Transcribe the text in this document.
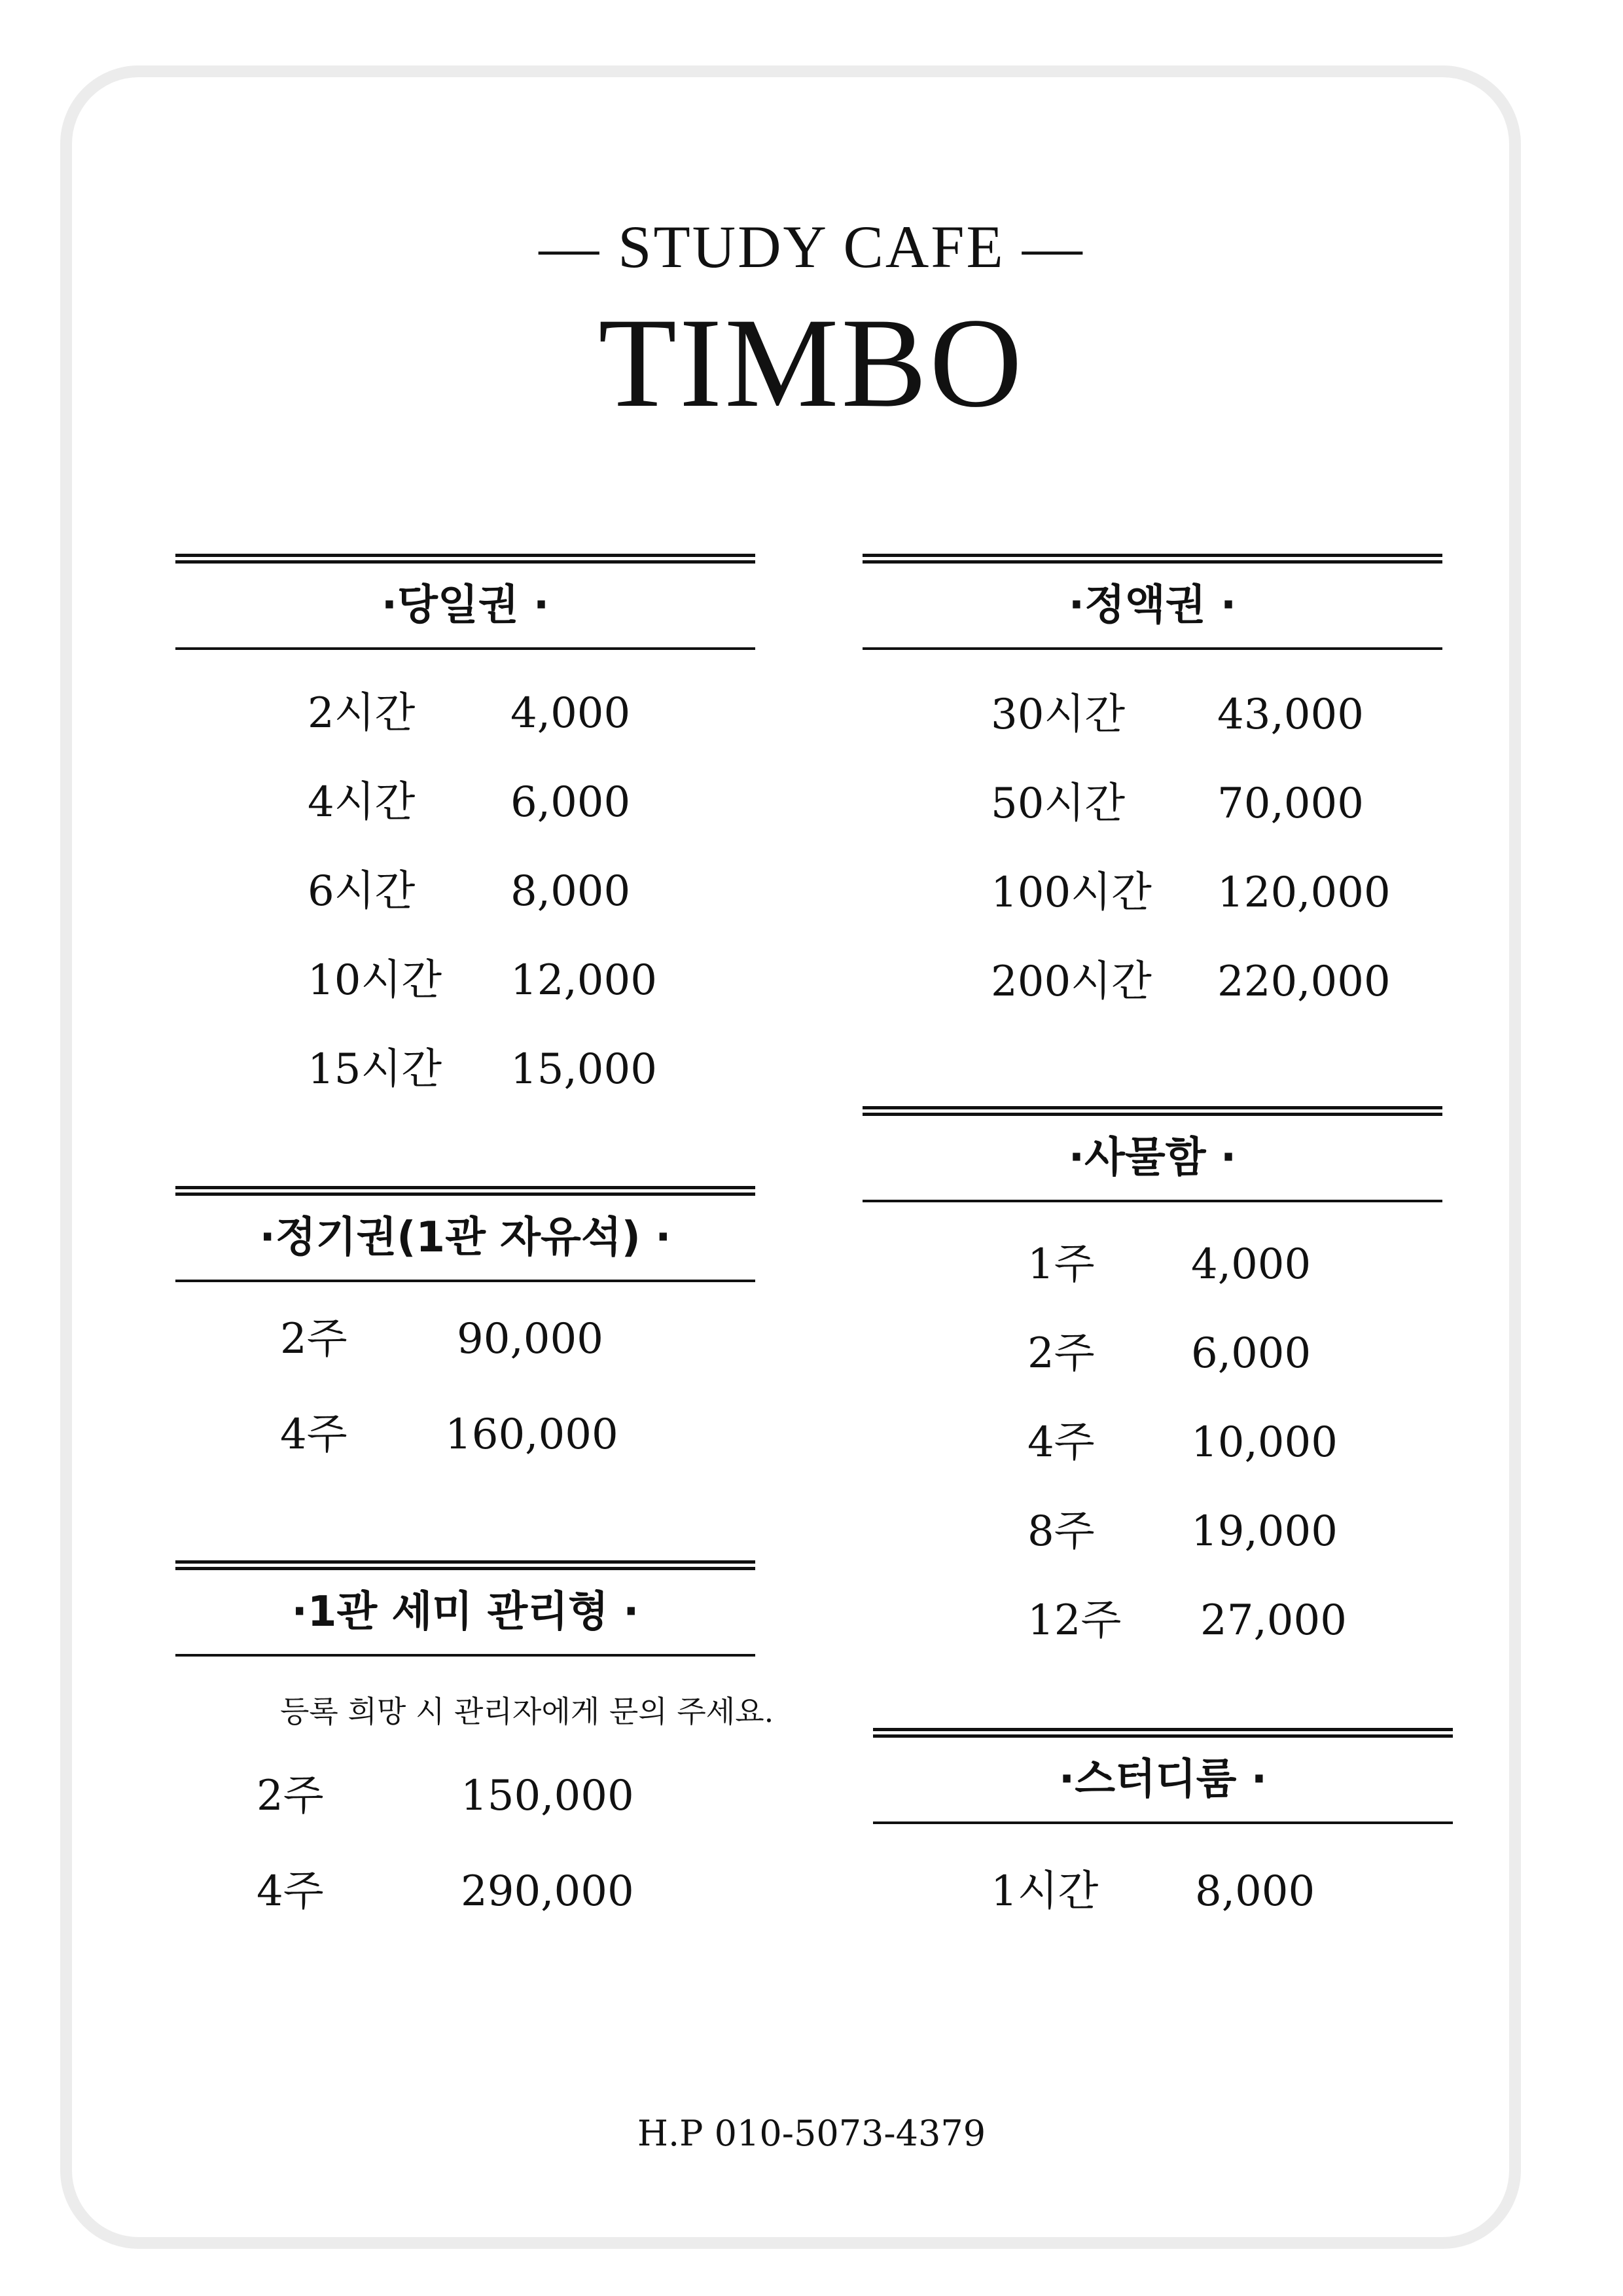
— STUDY CAFE —
TIMBO
·당일권 ·
2시간 4,000
4시간 6,000
6시간 8,000
10시간 12,000
15시간 15,000
·정액권 ·
30시간 43,000
50시간 70,000
100시간 120,000
200시간 220,000
·정기권(1관 자유석) ·
2주	90,000
4주 160,000
·사물함 ·
1주 4,000
2주 6,000
4주 10,000
8주 19,000
12주 27,000
·1관 세미 관리형 ·
등록 희망 시 관리자에게 문의 주세요.
2주	150,000
4주	290,000
·스터디룸 ·
1시간 8,000
H.P 010-5073-4379
